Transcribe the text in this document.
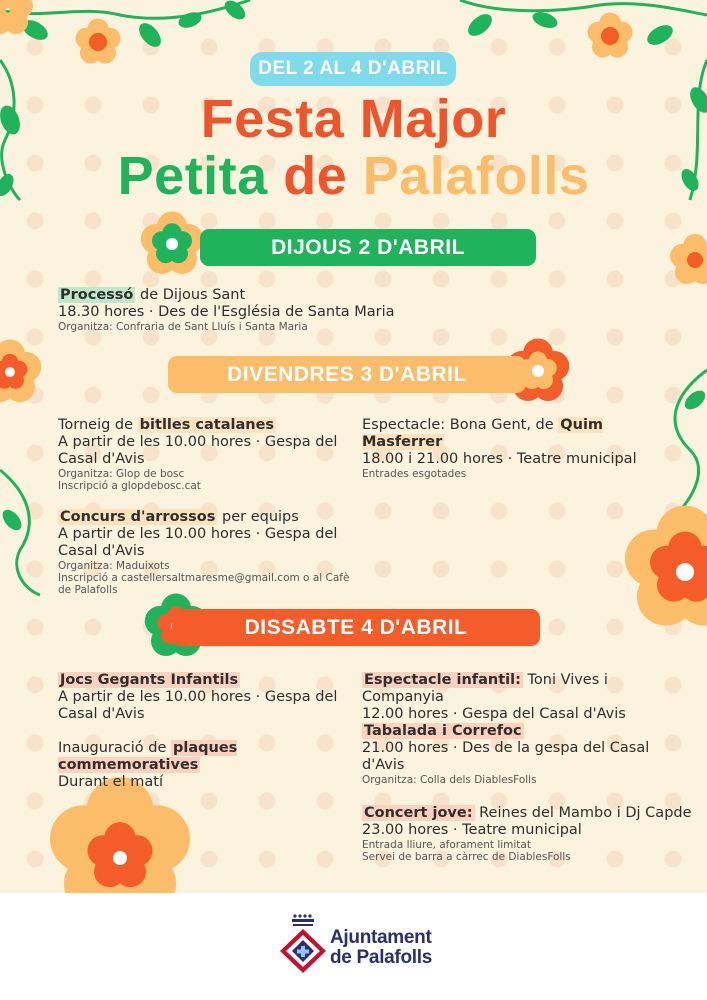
DEL 2 AL 4 D'ABRIL
Festa Major
Petita de Palafolls
DIJOUS 2 D'ABRIL
Processó de Dijous Sant
18.30 hores · Des de l'Església de Santa Maria
Organitza: Confraria de Sant Lluís i Santa Maria
DIVENDRES 3 D'ABRIL
Torneig de bitlles catalanes
A partir de les 10.00 hores · Gespa del Casal d'Avis
Organitza: Glop de bosc
Inscripció a glopdebosc.cat
Espectacle: Bona Gent, de Quim Masferrer
18.00 i 21.00 hores · Teatre municipal
Entrades esgotades
Concurs d'arrossos per equips
A partir de les 10.00 hores · Gespa del Casal d'Avis
Organitza: Maduixots
Inscripció a castellersaltmaresme@gmail.com o al Cafè de Palafolls
DISSABTE 4 D'ABRIL
Jocs Gegants Infantils
A partir de les 10.00 hores · Gespa del Casal d'Avis
Inauguració de plaques commemoratives
Durant el matí
Espectacle infantil: Toni Vives i Companyia
12.00 hores · Gespa del Casal d'Avis
Tabalada i Correfoc
21.00 hores · Des de la gespa del Casal d'Avis
Organitza: Colla dels DiablesFolls
Concert jove: Reines del Mambo i Dj Capde
23.00 hores · Teatre municipal
Entrada lliure, aforament limitat
Servei de barra a càrrec de DiablesFolls
Ajuntament
de Palafolls
